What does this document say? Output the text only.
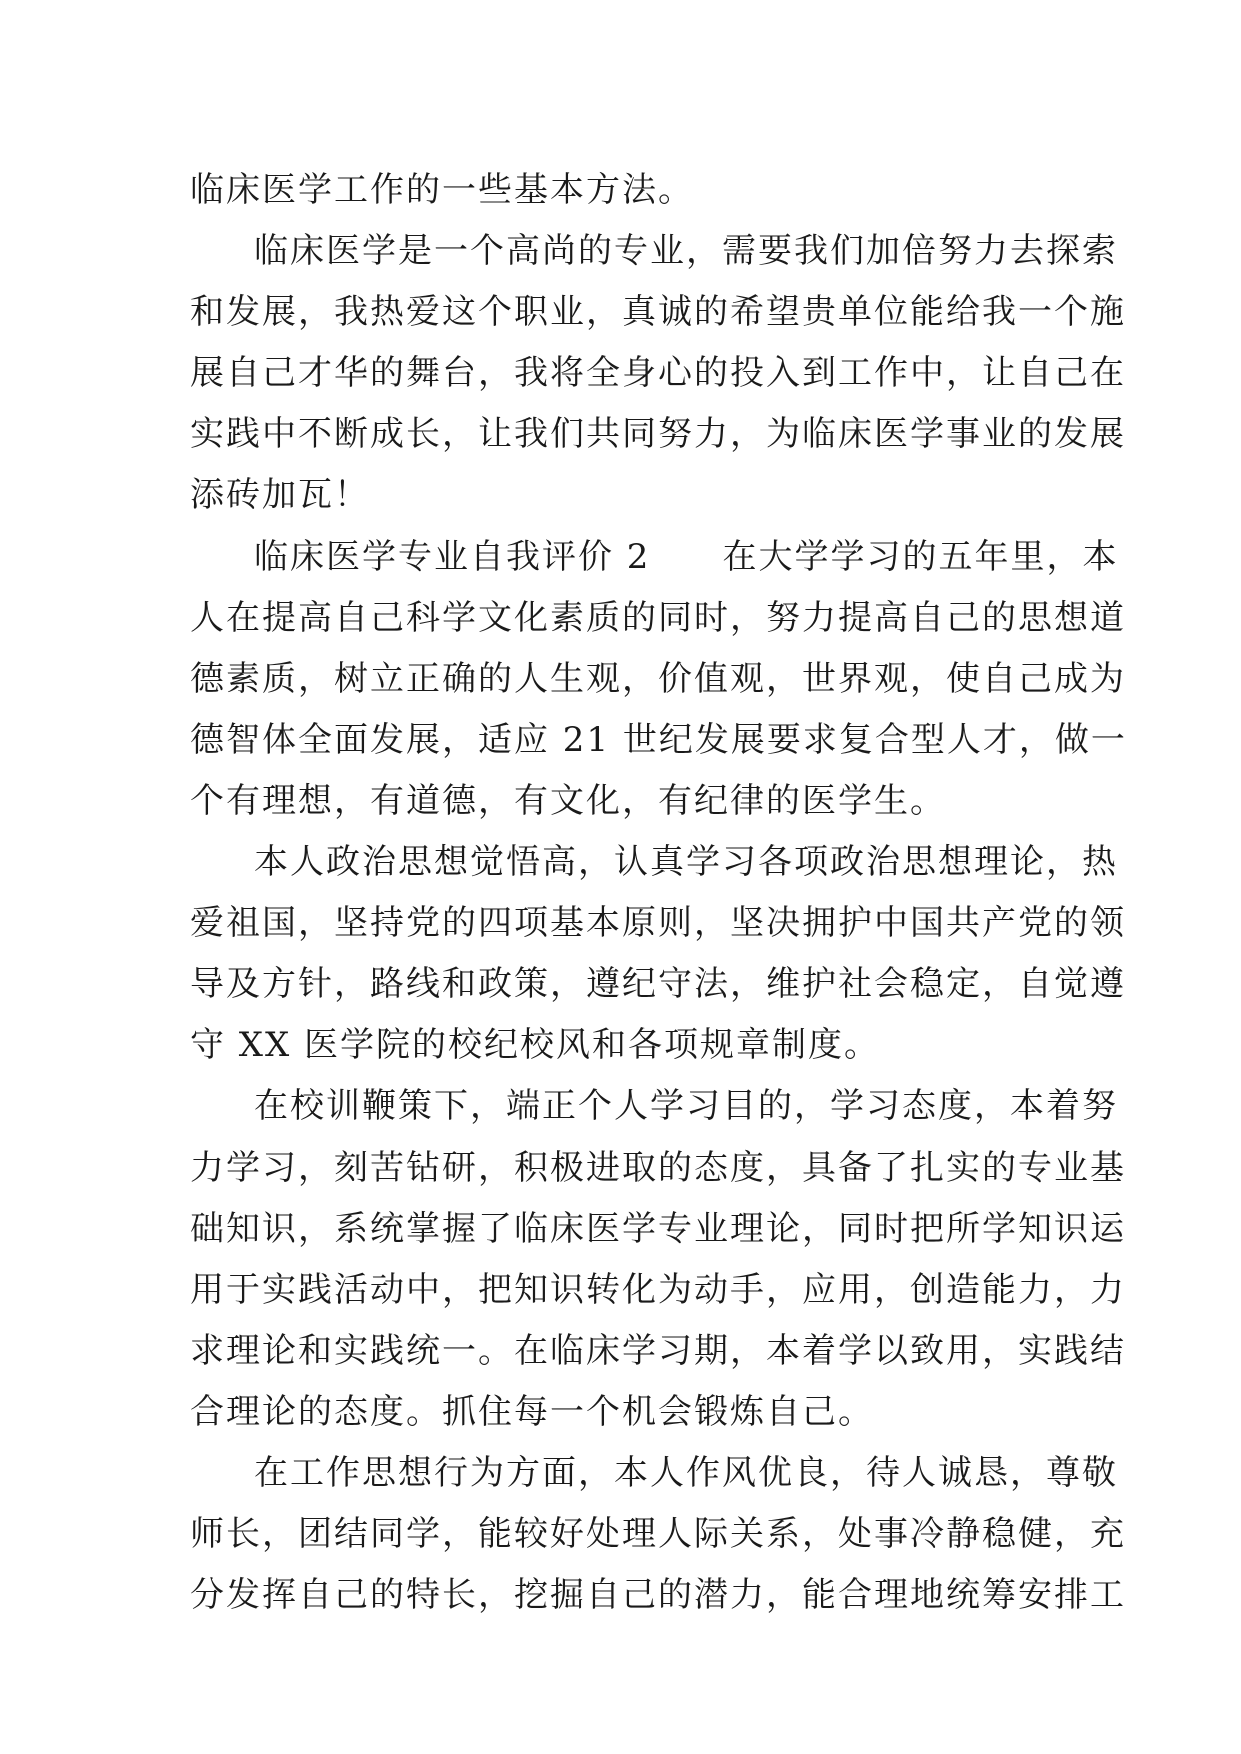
临床医学工作的一些基本方法。
临床医学是一个高尚的专业，需要我们加倍努力去探索
和发展，我热爱这个职业，真诚的希望贵单位能给我一个施
展自己才华的舞台，我将全身心的投入到工作中，让自己在
实践中不断成长，让我们共同努力，为临床医学事业的发展
添砖加瓦！
临床医学专业自我评价 2　　在大学学习的五年里，本
人在提高自己科学文化素质的同时，努力提高自己的思想道
德素质，树立正确的人生观，价值观，世界观，使自己成为
德智体全面发展，适应 21 世纪发展要求复合型人才，做一
个有理想，有道德，有文化，有纪律的医学生。
本人政治思想觉悟高，认真学习各项政治思想理论，热
爱祖国，坚持党的四项基本原则，坚决拥护中国共产党的领
导及方针，路线和政策，遵纪守法，维护社会稳定，自觉遵
守 XX 医学院的校纪校风和各项规章制度。
在校训鞭策下，端正个人学习目的，学习态度，本着努
力学习，刻苦钻研，积极进取的态度，具备了扎实的专业基
础知识，系统掌握了临床医学专业理论，同时把所学知识运
用于实践活动中，把知识转化为动手，应用，创造能力，力
求理论和实践统一。在临床学习期，本着学以致用，实践结
合理论的态度。抓住每一个机会锻炼自己。
在工作思想行为方面，本人作风优良，待人诚恳，尊敬
师长，团结同学，能较好处理人际关系，处事冷静稳健，充
分发挥自己的特长，挖掘自己的潜力，能合理地统筹安排工
